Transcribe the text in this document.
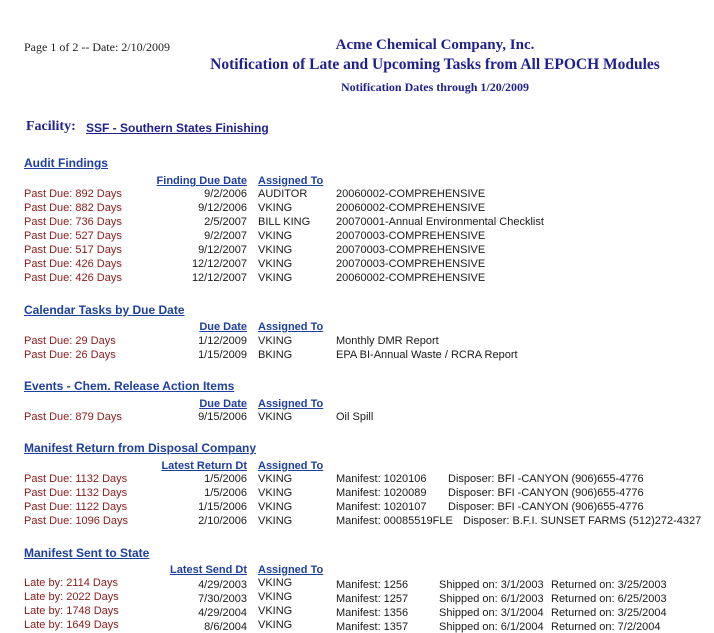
Page 1 of 2 -- Date: 2/10/2009	Acme Chemical Company, Inc.
Notification of Late and Upcoming Tasks from All EPOCH Modules
Notification Dates through 1/20/2009
Facility: SSF - Southern States Finishing
Audit Findings
Finding Due Date Assigned To
Past Due: 892 Days	9/2/2006 AUDITOR	20060002-COMPREHENSIVE
Past Due: 882 Days	9/12/2006 VKING	20060002-COMPREHENSIVE
Past Due: 736 Days	2/5/2007 BILL KING 20070001-Annual Environmental Checklist
Past Due: 527 Days	9/2/2007 VKING	20070003-COMPREHENSIVE
Past Due: 517 Days	9/12/2007 VKING	20070003-COMPREHENSIVE
Past Due: 426 Days	12/12/2007 VKING	20070003-COMPREHENSIVE
Past Due: 426 Days	12/12/2007 VKING	20060002-COMPREHENSIVE
Calendar Tasks by Due Date
Due Date Assigned To
Past Due: 29 Days	1/12/2009 VKING	Monthly DMR Report
Past Due: 26 Days	1/15/2009 BKING	EPA BI-Annual Waste / RCRA Report
Events - Chem. Release Action Items
Due Date Assigned To
Past Due: 879 Days	9/15/2006 VKING	Oil Spill
Manifest Return from Disposal Company
Latest Return Dt Assigned To
Past Due: 1132 Days	1/5/2006 VKING	Manifest: 1020106 Disposer: BFI -CANYON (906)655-4776
Past Due: 1132 Days	1/5/2006 VKING	Manifest: 1020089 Disposer: BFI -CANYON (906)655-4776
Past Due: 1122 Days	1/15/2006 VKING	Manifest: 1020107 Disposer: BFI -CANYON (906)655-4776
Past Due: 1096 Days	2/10/2006 VKING	Manifest: 00085519FLE Disposer: B.F.I. SUNSET FARMS (512)272-4327
Manifest Sent to State
Latest Send Dt Assigned To
Late by: 2114 Days	4/29/2003 VKING	Manifest: 1256	Shipped on: 3/1/2003 Returned on: 3/25/2003
Late by: 2022 Days	7/30/2003 VKING	Manifest: 1257	Shipped on: 6/1/2003 Returned on: 6/25/2003
Late by: 1748 Days	4/29/2004 VKING	Manifest: 1356	Shipped on: 3/1/2004 Returned on: 3/25/2004
Late by: 1649 Days	8/6/2004 VKING	Manifest: 1357	Shipped on: 6/1/2004 Returned on: 7/2/2004
